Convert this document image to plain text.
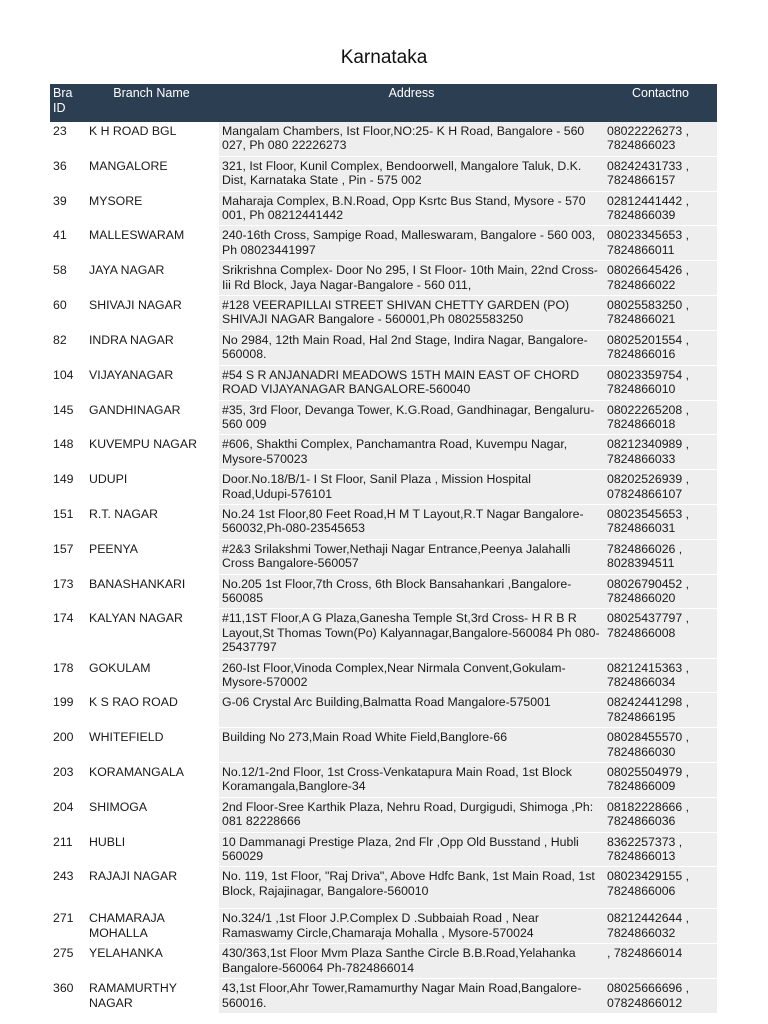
Karnataka
Bra
ID	Branch Name	Address	Contactno
23	K H ROAD BGL	Mangalam Chambers, Ist Floor,NO:25- K H Road, Bangalore - 560 027, Ph 080 22226273	08022226273 , 7824866023
36	MANGALORE	321, Ist Floor, Kunil Complex, Bendoorwell, Mangalore Taluk, D.K. Dist, Karnataka State , Pin - 575 002	08242431733 , 7824866157
39	MYSORE	Maharaja Complex, B.N.Road, Opp Ksrtc Bus Stand, Mysore - 570 001, Ph 08212441442	02812441442 , 7824866039
41	MALLESWARAM	240-16th Cross, Sampige Road, Malleswaram, Bangalore - 560 003, Ph 08023441997	08023345653 , 7824866011
58	JAYA NAGAR	Srikrishna Complex- Door No 295, I St Floor- 10th Main, 22nd Cross-Iii Rd Block, Jaya Nagar-Bangalore - 560 011,	08026645426 , 7824866022
60	SHIVAJI NAGAR	#128 VEERAPILLAI STREET SHIVAN CHETTY GARDEN (PO) SHIVAJI NAGAR Bangalore - 560001,Ph 08025583250	08025583250 , 7824866021
82	INDRA NAGAR	No 2984, 12th Main Road, Hal 2nd Stage, Indira Nagar, Bangalore-560008.	08025201554 , 7824866016
104	VIJAYANAGAR	#54 S R ANJANADRI MEADOWS 15TH MAIN EAST OF CHORD ROAD VIJAYANAGAR BANGALORE-560040	08023359754 , 7824866010
145	GANDHINAGAR	#35, 3rd Floor, Devanga Tower, K.G.Road, Gandhinagar, Bengaluru-560 009	08022265208 , 7824866018
148	KUVEMPU NAGAR	#606, Shakthi Complex, Panchamantra Road, Kuvempu Nagar, Mysore-570023	08212340989 , 7824866033
149	UDUPI	Door.No.18/B/1- I St Floor, Sanil Plaza , Mission Hospital Road,Udupi-576101	08202526939 , 07824866107
151	R.T. NAGAR	No.24 1st Floor,80 Feet Road,H M T Layout,R.T Nagar Bangalore-560032,Ph-080-23545653	08023545653 , 7824866031
157	PEENYA	#2&3 Srilakshmi Tower,Nethaji Nagar Entrance,Peenya Jalahalli Cross Bangalore-560057	7824866026 , 8028394511
173	BANASHANKARI	No.205 1st Floor,7th Cross, 6th Block Bansahankari ,Bangalore-560085	08026790452 , 7824866020
174	KALYAN NAGAR	#11,1ST Floor,A G Plaza,Ganesha Temple St,3rd Cross- H R B R Layout,St Thomas Town(Po) Kalyannagar,Bangalore-560084 Ph 080-25437797	08025437797 , 7824866008
178	GOKULAM	260-Ist Floor,Vinoda Complex,Near Nirmala Convent,Gokulam-Mysore-570002	08212415363 , 7824866034
199	K S RAO ROAD	G-06 Crystal Arc Building,Balmatta Road Mangalore-575001	08242441298 , 7824866195
200	WHITEFIELD	Building No 273,Main Road White Field,Banglore-66	08028455570 , 7824866030
203	KORAMANGALA	No.12/1-2nd Floor, 1st Cross-Venkatapura Main Road, 1st Block Koramangala,Banglore-34	08025504979 , 7824866009
204	SHIMOGA	2nd Floor-Sree Karthik Plaza, Nehru Road, Durgigudi, Shimoga ,Ph: 081 82228666	08182228666 , 7824866036
211	HUBLI	10 Dammanagi Prestige Plaza, 2nd Flr ,Opp Old Busstand , Hubli 560029	8362257373 , 7824866013
243	RAJAJI NAGAR	No. 119, 1st Floor, "Raj Driva", Above Hdfc Bank, 1st Main Road, 1st Block, Rajajinagar, Bangalore-560010	08023429155 , 7824866006
271	CHAMARAJA MOHALLA	No.324/1 ,1st Floor J.P.Complex D .Subbaiah Road , Near Ramaswamy Circle,Chamaraja Mohalla , Mysore-570024	08212442644 , 7824866032
275	YELAHANKA	430/363,1st Floor Mvm Plaza Santhe Circle B.B.Road,Yelahanka Bangalore-560064 Ph-7824866014	, 7824866014
360	RAMAMURTHY NAGAR	43,1st Floor,Ahr Tower,Ramamurthy Nagar Main Road,Bangalore-560016.	08025666696 , 07824866012
